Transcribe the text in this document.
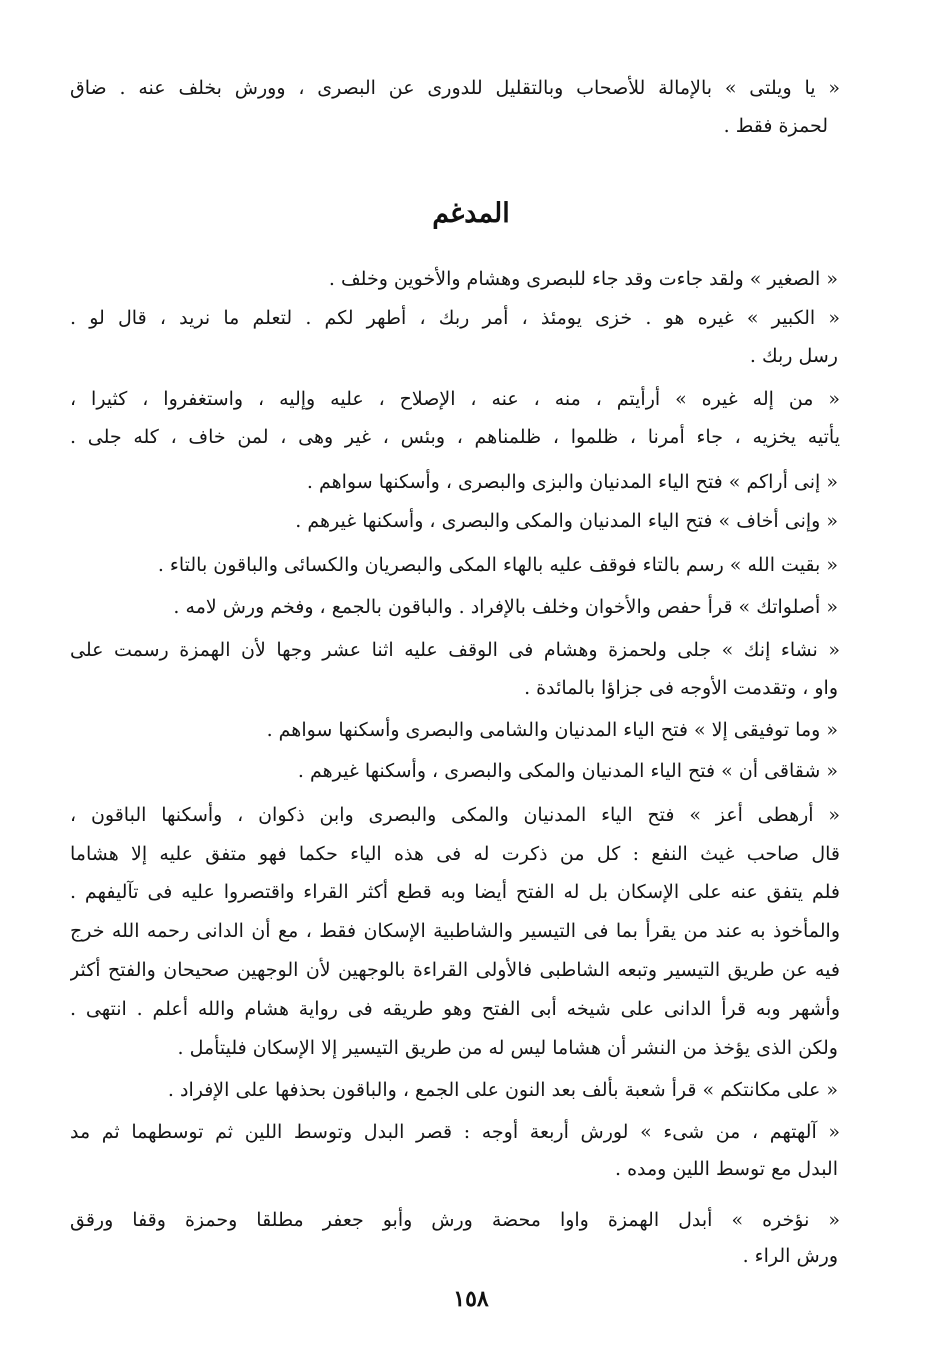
« يا ويلتى » بالإمالة للأصحاب وبالتقليل للدورى عن البصرى ، وورش بخلف عنه . ضاق
لحمزة فقط .
المدغم
« الصغير » ولقد جاءت وقد جاء للبصرى وهشام والأخوين وخلف .
« الكبير » غيره هو . خزى يومئذ ، أمر ربك ، أطهر لكم . لتعلم ما نريد ، قال لو .
رسل ربك .
« من إله غيره » أرأيتم ، منه ، عنه ، الإصلاح ، عليه وإليه ، واستغفروا ، كثيرا ،
يأتيه يخزيه ، جاء أمرنا ، ظلموا ، ظلمناهم ، وبئس ، غير وهى ، لمن خاف ، كله جلى .
« إنى أراكم » فتح الياء المدنيان والبزى والبصرى ، وأسكنها سواهم .
« وإنى أخاف » فتح الياء المدنيان والمكى والبصرى ، وأسكنها غيرهم .
« بقيت الله » رسم بالتاء فوقف عليه بالهاء المكى والبصريان والكسائى والباقون بالتاء .
« أصلواتك » قرأ حفص والأخوان وخلف بالإفراد . والباقون بالجمع ، وفخم ورش لامه .
« نشاء إنك » جلى ولحمزة وهشام فى الوقف عليه اثنا عشر وجها لأن الهمزة رسمت على
واو ، وتقدمت الأوجه فى جزاؤا بالمائدة .
« وما توفيقى إلا » فتح الياء المدنيان والشامى والبصرى وأسكنها سواهم .
« شقاقى أن » فتح الياء المدنيان والمكى والبصرى ، وأسكنها غيرهم .
« أرهطى أعز » فتح الياء المدنيان والمكى والبصرى وابن ذكوان ، وأسكنها الباقون ،
قال صاحب غيث النفع : كل من ذكرت له فى هذه الياء حكما فهو متفق عليه إلا هشاما
فلم يتفق عنه على الإسكان بل له الفتح أيضا وبه قطع أكثر القراء واقتصروا عليه فى تآليفهم .
والمأخوذ به عند من يقرأ بما فى التيسير والشاطبية الإسكان فقط ، مع أن الدانى رحمه الله خرج
فيه عن طريق التيسير وتبعه الشاطبى فالأولى القراءة بالوجهين لأن الوجهين صحيحان والفتح أكثر
وأشهر وبه قرأ الدانى على شيخه أبى الفتح وهو طريقه فى رواية هشام والله أعلم . انتهى .
ولكن الذى يؤخذ من النشر أن هشاما ليس له من طريق التيسير إلا الإسكان فليتأمل .
« على مكانتكم » قرأ شعبة بألف بعد النون على الجمع ، والباقون بحذفها على الإفراد .
« آلهتهم ، من شىء » لورش أربعة أوجه : قصر البدل وتوسط اللين ثم توسطهما ثم مد
البدل مع توسط اللين ومده .
« نؤخره » أبدل الهمزة واوا محضة ورش وأبو جعفر مطلقا وحمزة وقفا ورقق
ورش الراء .
١٥٨
